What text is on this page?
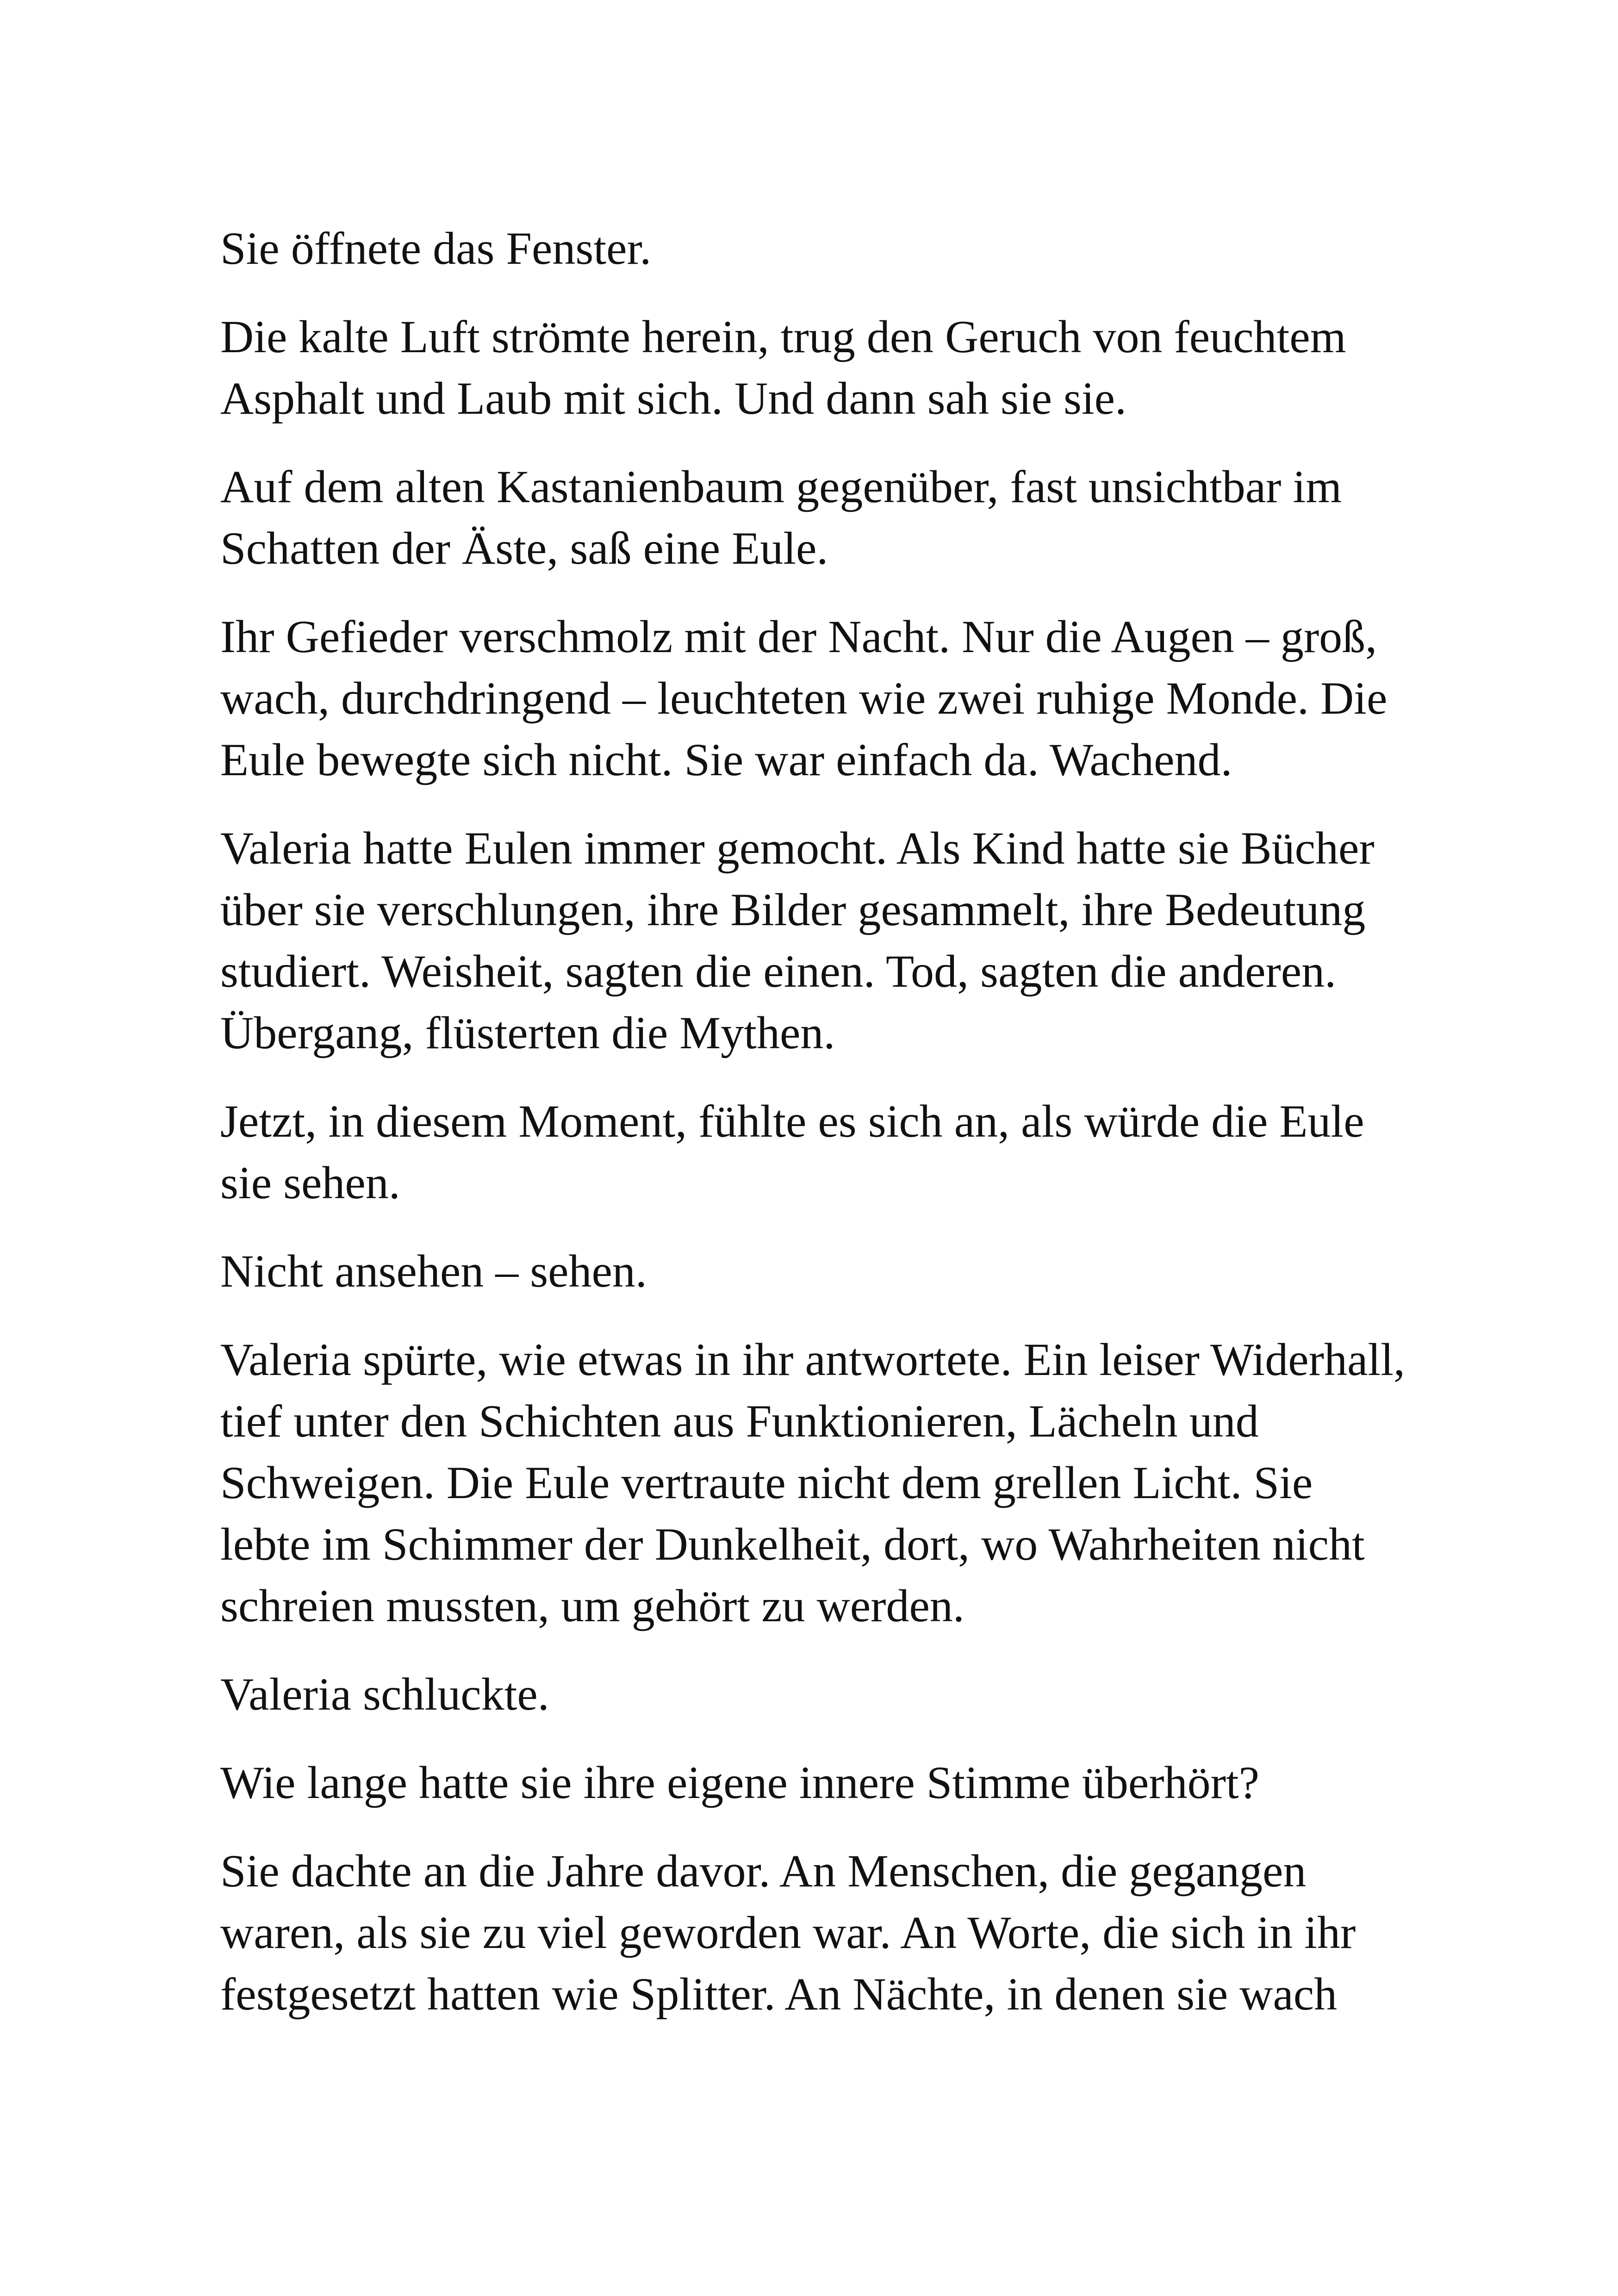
Sie öffnete das Fenster.

Die kalte Luft strömte herein, trug den Geruch von feuchtem Asphalt und Laub mit sich. Und dann sah sie sie.

Auf dem alten Kastanienbaum gegenüber, fast unsichtbar im Schatten der Äste, saß eine Eule.

Ihr Gefieder verschmolz mit der Nacht. Nur die Augen – groß, wach, durchdringend – leuchteten wie zwei ruhige Monde. Die Eule bewegte sich nicht. Sie war einfach da. Wachend.

Valeria hatte Eulen immer gemocht. Als Kind hatte sie Bücher über sie verschlungen, ihre Bilder gesammelt, ihre Bedeutung studiert. Weisheit, sagten die einen. Tod, sagten die anderen. Übergang, flüsterten die Mythen.

Jetzt, in diesem Moment, fühlte es sich an, als würde die Eule sie sehen.

Nicht ansehen – sehen.

Valeria spürte, wie etwas in ihr antwortete. Ein leiser Widerhall, tief unter den Schichten aus Funktionieren, Lächeln und Schweigen. Die Eule vertraute nicht dem grellen Licht. Sie lebte im Schimmer der Dunkelheit, dort, wo Wahrheiten nicht schreien mussten, um gehört zu werden.

Valeria schluckte.

Wie lange hatte sie ihre eigene innere Stimme überhört?

Sie dachte an die Jahre davor. An Menschen, die gegangen waren, als sie zu viel geworden war. An Worte, die sich in ihr festgesetzt hatten wie Splitter. An Nächte, in denen sie wach
